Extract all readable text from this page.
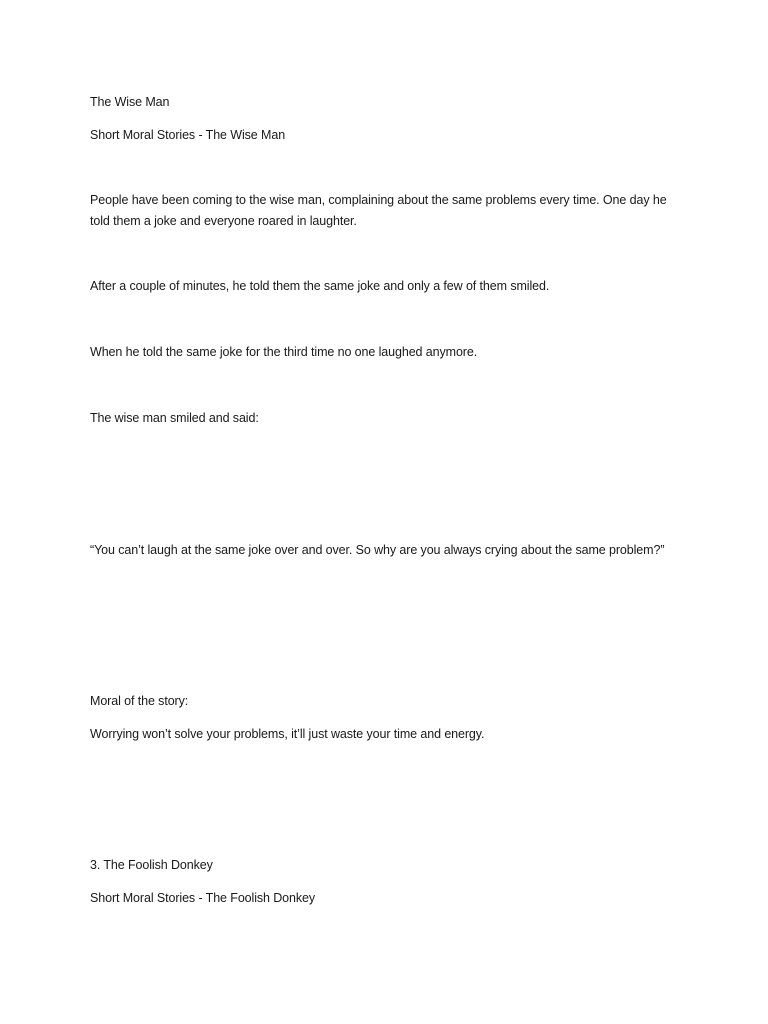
The Wise Man
Short Moral Stories - The Wise Man
People have been coming to the wise man, complaining about the same problems every time. One day he told them a joke and everyone roared in laughter.
After a couple of minutes, he told them the same joke and only a few of them smiled.
When he told the same joke for the third time no one laughed anymore.
The wise man smiled and said:
“You can’t laugh at the same joke over and over. So why are you always crying about the same problem?”
Moral of the story:
Worrying won’t solve your problems, it’ll just waste your time and energy.
3. The Foolish Donkey
Short Moral Stories - The Foolish Donkey
